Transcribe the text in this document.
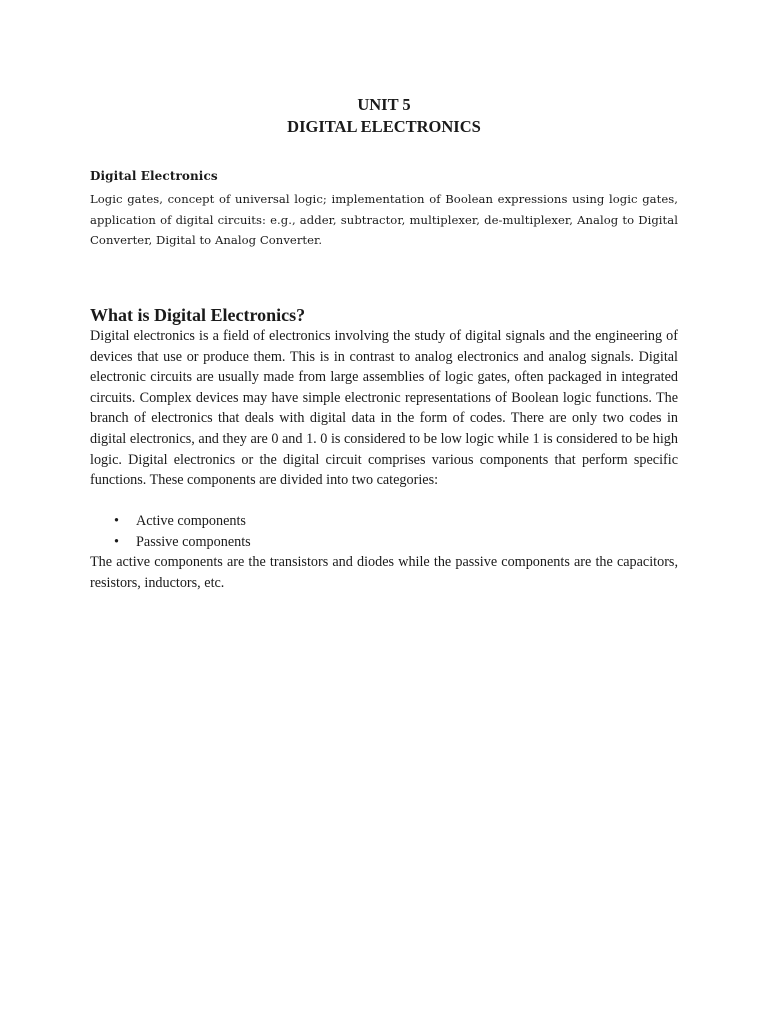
UNIT 5
DIGITAL ELECTRONICS
Digital Electronics
Logic gates, concept of universal logic; implementation of Boolean expressions using logic gates, application of digital circuits: e.g., adder, subtractor, multiplexer, de-multiplexer, Analog to Digital Converter, Digital to Analog Converter.
What is Digital Electronics?
Digital electronics is a field of electronics involving the study of digital signals and the engineering of devices that use or produce them. This is in contrast to analog electronics and analog signals. Digital electronic circuits are usually made from large assemblies of logic gates, often packaged in integrated circuits. Complex devices may have simple electronic representations of Boolean logic functions. The branch of electronics that deals with digital data in the form of codes. There are only two codes in digital electronics, and they are 0 and 1. 0 is considered to be low logic while 1 is considered to be high logic. Digital electronics or the digital circuit comprises various components that perform specific functions. These components are divided into two categories:
• Active components
• Passive components
The active components are the transistors and diodes while the passive components are the capacitors, resistors, inductors, etc.
